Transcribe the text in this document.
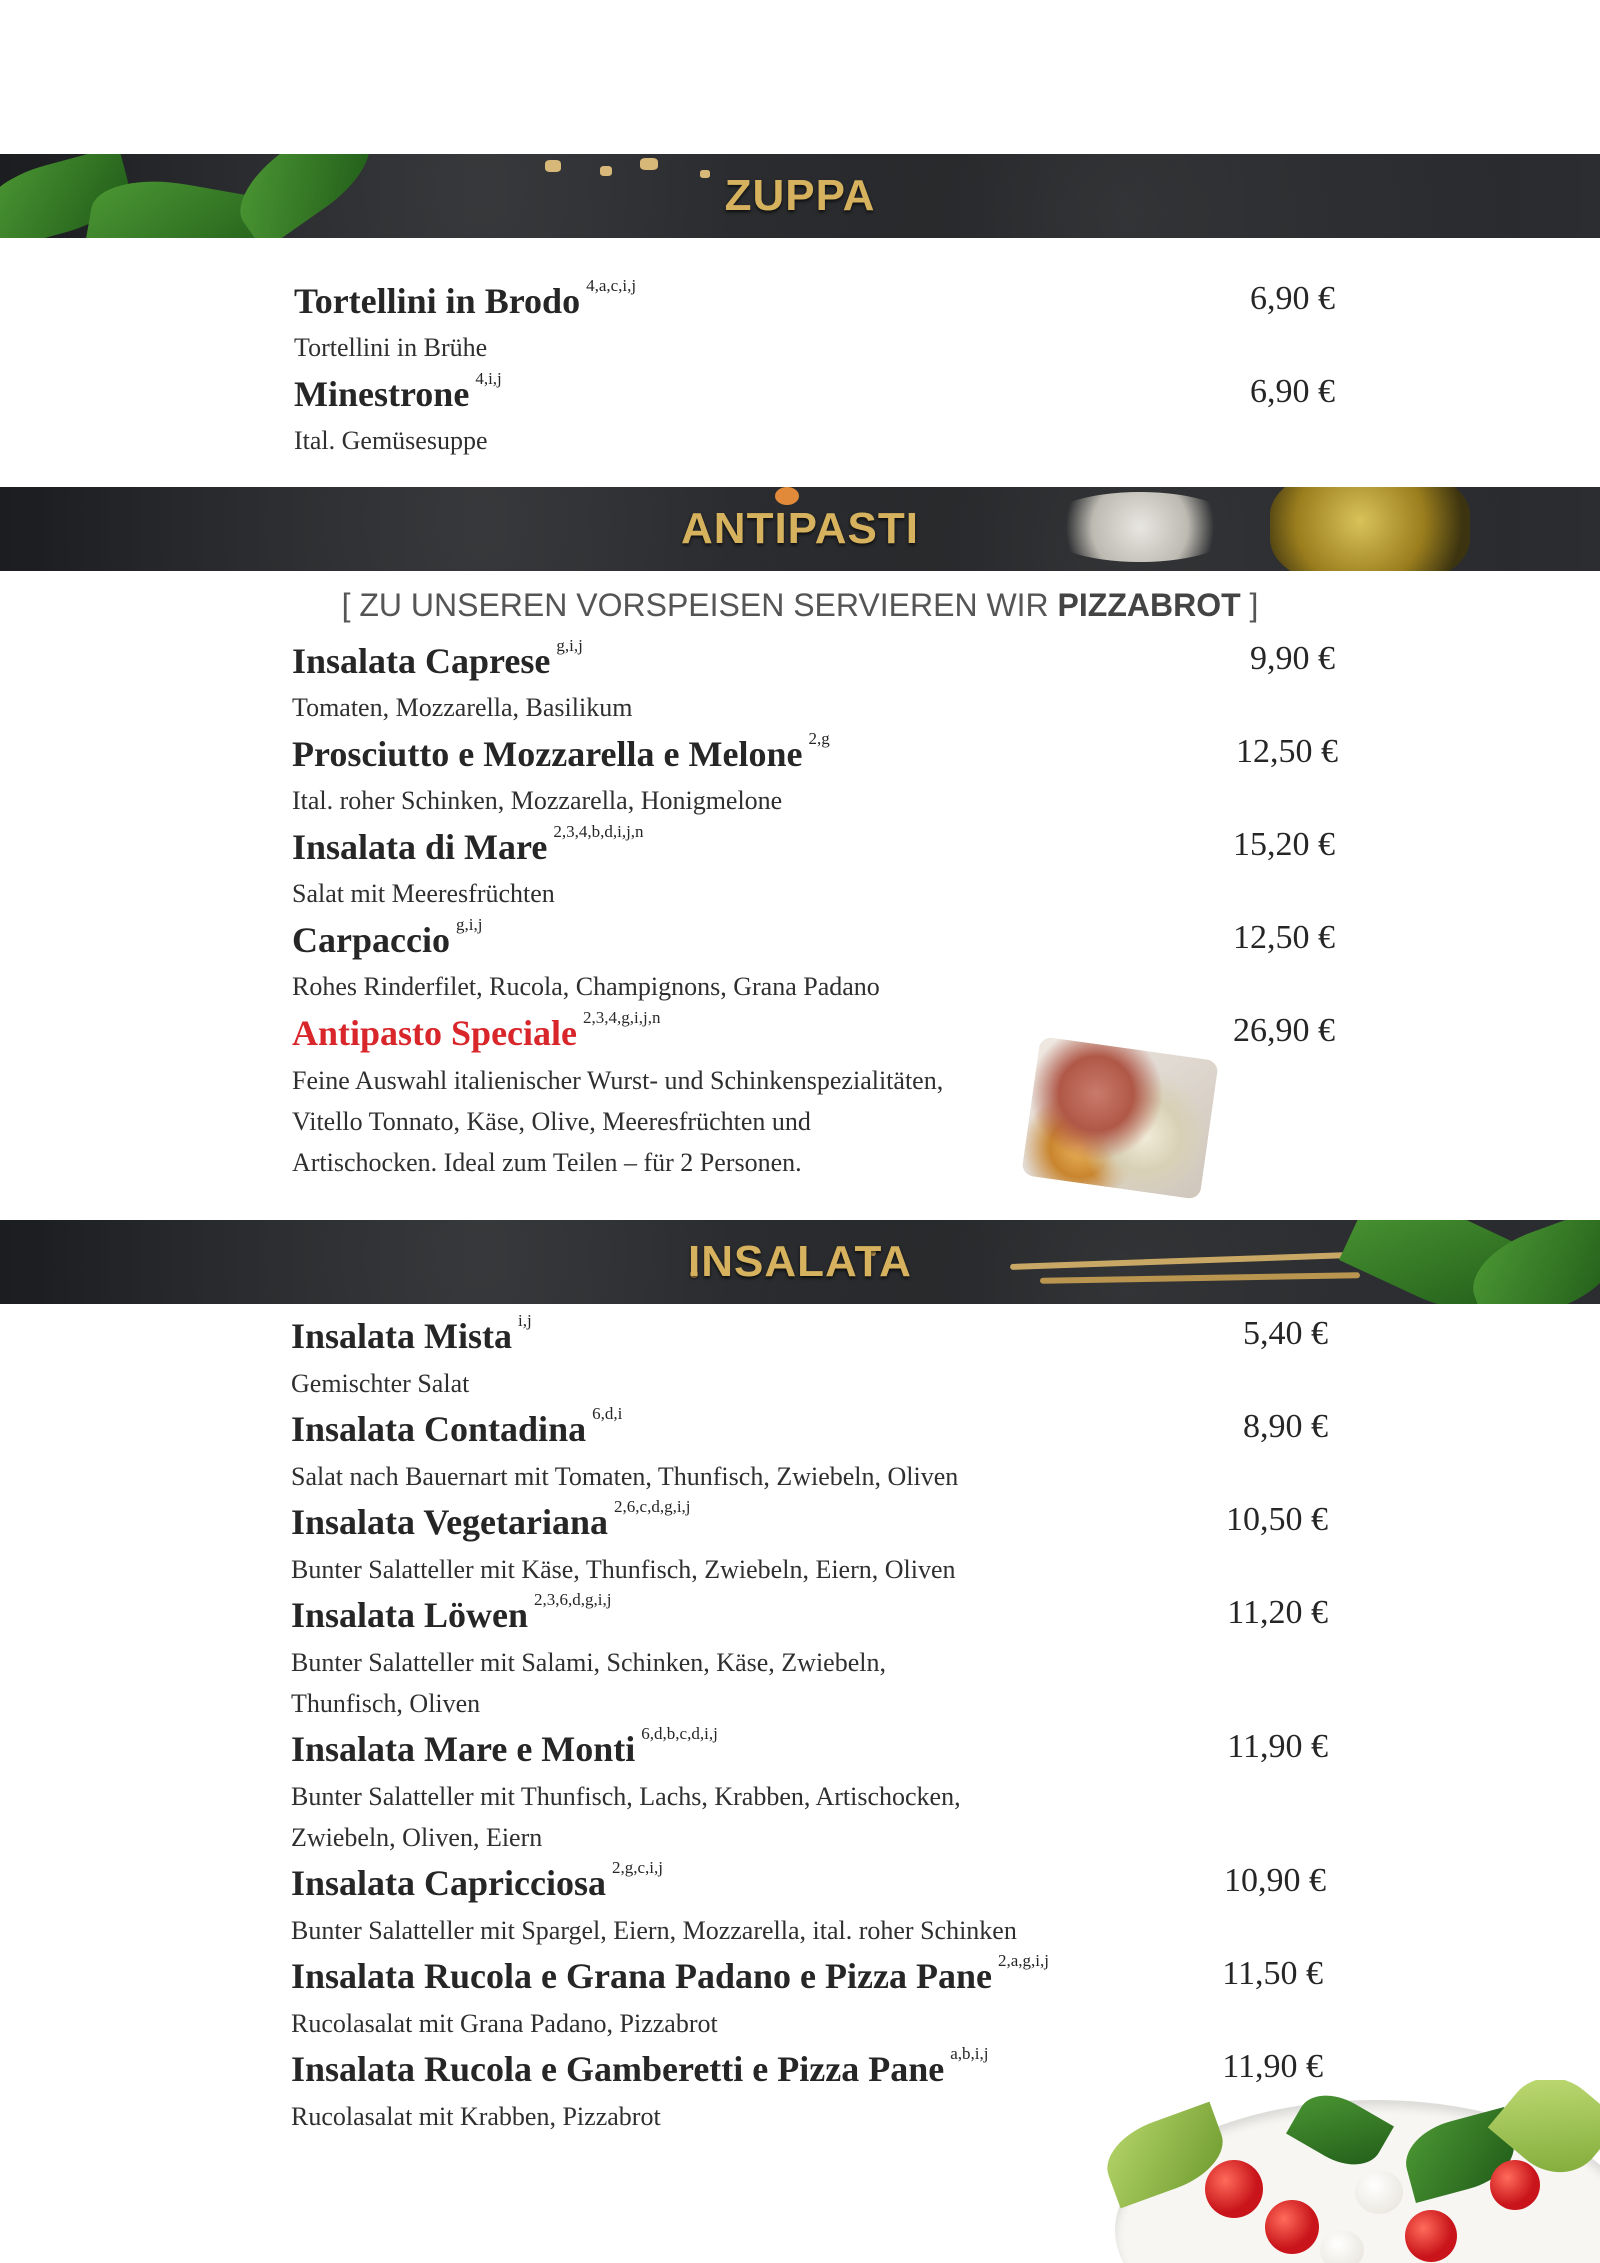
ZUPPA
Tortellini in Brodo $^{4,a,c,i,j}$	6,90 €
Tortellini in Brühe
Minestrone $^{4,i,j}$	6,90 €
Ital. Gemüsesuppe
ANTIPASTI
[ ZU UNSEREN VORSPEISEN SERVIEREN WIR PIZZABROT ]
Insalata Caprese $^{g,i,j}$	9,90 €
Tomaten, Mozzarella, Basilikum
Prosciutto e Mozzarella e Melone $^{2,g}$	12,50 €
Ital. roher Schinken, Mozzarella, Honigmelone
Insalata di Mare $^{2,3,4,b,d,i,j,n}$	15,20 €
Salat mit Meeresfrüchten
Carpaccio $^{g,i,j}$	12,50 €
Rohes Rinderfilet, Rucola, Champignons, Grana Padano
Antipasto Speciale $^{2,3,4,g,i,j,n}$	26,90 €
Feine Auswahl italienischer Wurst- und Schinkenspezialitäten,
Vitello Tonnato, Käse, Olive, Meeresfrüchten und
Artischocken. Ideal zum Teilen – für 2 Personen.
INSALATA
Insalata Mista $^{i,j}$	5,40 €
Gemischter Salat
Insalata Contadina $^{6,d,i}$	8,90 €
Salat nach Bauernart mit Tomaten, Thunfisch, Zwiebeln, Oliven
Insalata Vegetariana $^{2,6,c,d,g,i,j}$	10,50 €
Bunter Salatteller mit Käse, Thunfisch, Zwiebeln, Eiern, Oliven
Insalata Löwen $^{2,3,6,d,g,i,j}$	11,20 €
Bunter Salatteller mit Salami, Schinken, Käse, Zwiebeln,
Thunfisch, Oliven
Insalata Mare e Monti $^{6,d,b,c,d,i,j}$	11,90 €
Bunter Salatteller mit Thunfisch, Lachs, Krabben, Artischocken,
Zwiebeln, Oliven, Eiern
Insalata Capricciosa $^{2,g,c,i,j}$	10,90 €
Bunter Salatteller mit Spargel, Eiern, Mozzarella, ital. roher Schinken
Insalata Rucola e Grana Padano e Pizza Pane $^{2,a,g,i,j}$	11,50 €
Rucolasalat mit Grana Padano, Pizzabrot
Insalata Rucola e Gamberetti e Pizza Pane $^{a,b,i,j}$	11,90 €
Rucolasalat mit Krabben, Pizzabrot
